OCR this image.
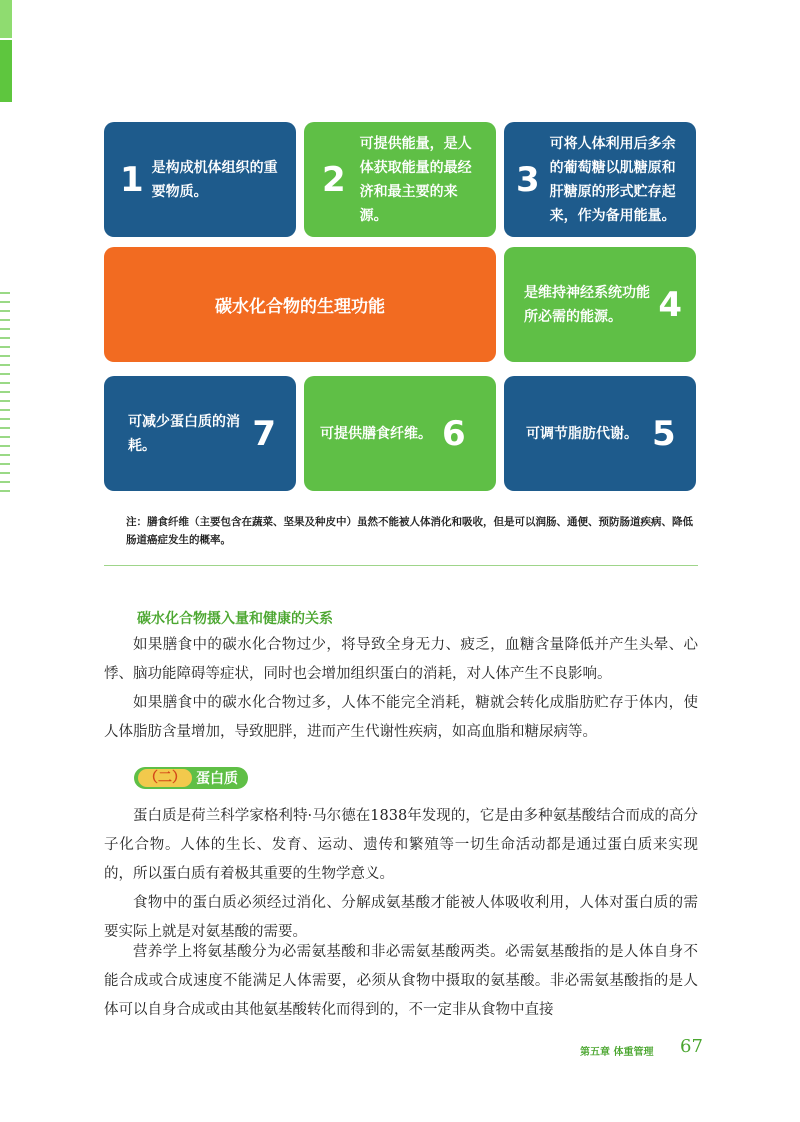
1 是构成机体组织的重要物质。	2
可提供能量，是人体获取能量的最经济和最主要的来源。
3
可将人体利用后多余的葡萄糖以肌糖原和肝糖原的形式贮存起来，作为备用能量。
碳水化合物的生理功能
是维持神经系统功能所必需的能源。	4
可减少蛋白质的消耗。	7	可提供膳食纤维。 6	可调节脂肪代谢。 5
注：膳食纤维（主要包含在蔬菜、坚果及种皮中）虽然不能被人体消化和吸收，但是可以润肠、通便、预防肠道疾病、降低肠道癌症发生的概率。
碳水化合物摄入量和健康的关系

如果膳食中的碳水化合物过少，将导致全身无力、疲乏，血糖含量降低并产生头晕、心悸、脑功能障碍等症状，同时也会增加组织蛋白的消耗，对人体产生不良影响。

如果膳食中的碳水化合物过多，人体不能完全消耗，糖就会转化成脂肪贮存于体内，使人体脂肪含量增加，导致肥胖，进而产生代谢性疾病，如高血脂和糖尿病等。

（二） 蛋白质

蛋白质是荷兰科学家格利特·马尔德在1838年发现的，它是由多种氨基酸结合而成的高分子化合物。人体的生长、发育、运动、遗传和繁殖等一切生命活动都是通过蛋白质来实现的，所以蛋白质有着极其重要的生物学意义。

食物中的蛋白质必须经过消化、分解成氨基酸才能被人体吸收利用，人体对蛋白质的需要实际上就是对氨基酸的需要。

营养学上将氨基酸分为必需氨基酸和非必需氨基酸两类。必需氨基酸指的是人体自身不能合成或合成速度不能满足人体需要，必须从食物中摄取的氨基酸。非必需氨基酸指的是人体可以自身合成或由其他氨基酸转化而得到的，不一定非从食物中直接

第五章 体重管理 67
